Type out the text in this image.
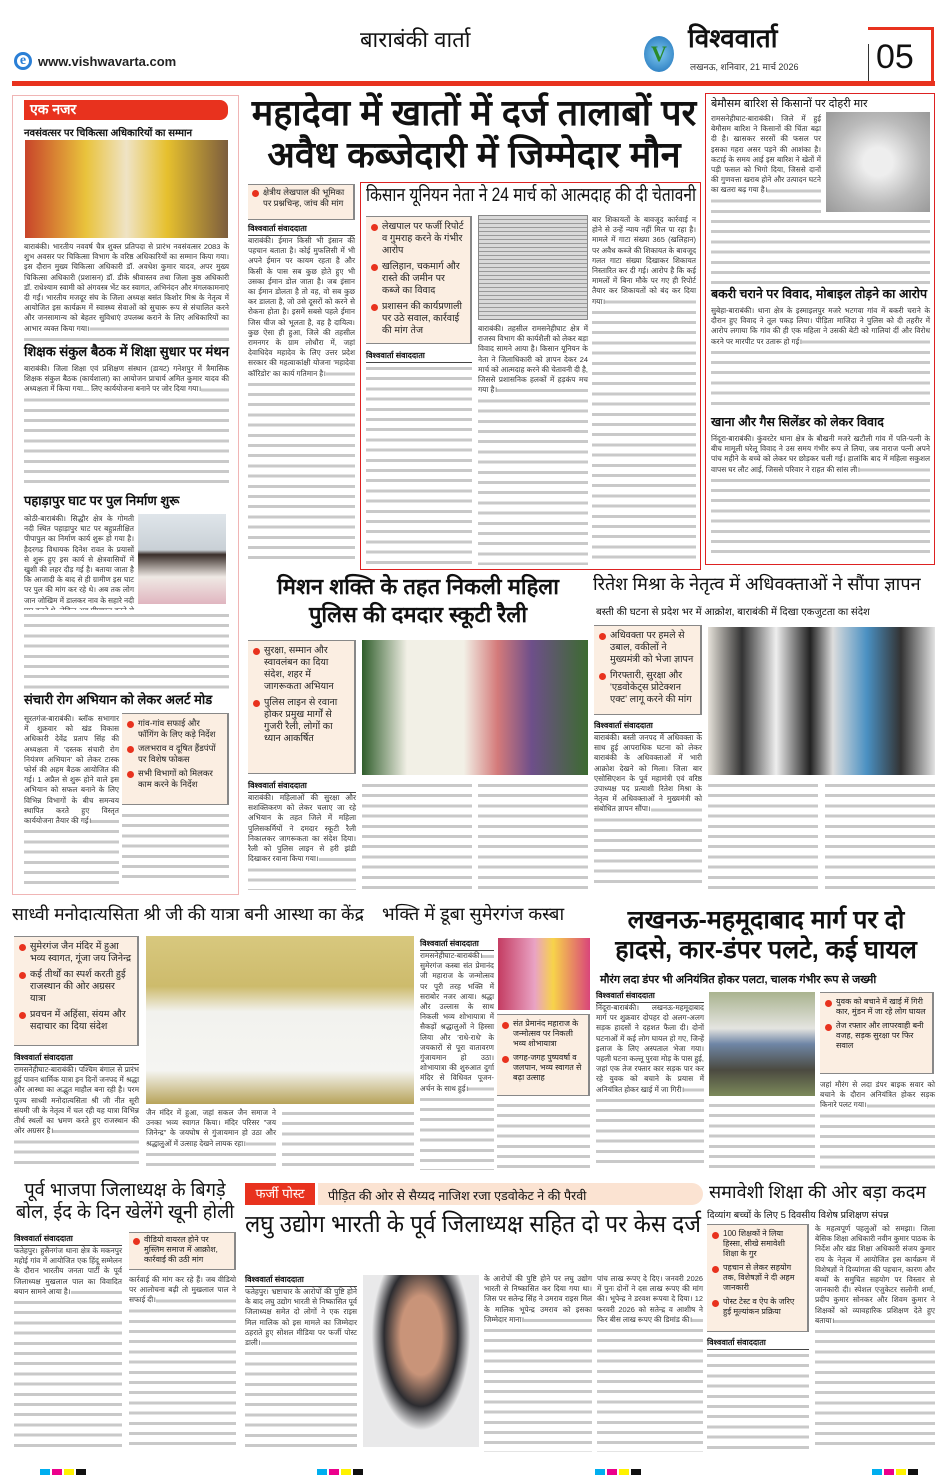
e www.vishwavarta.com
बाराबंकी वार्ता
V
विश्ववार्ता
लखनऊ, शनिवार, 21 मार्च 2026	05
एक नजर
नवसंवत्सर पर चिकित्सा अधिकारियों का सम्मान
बाराबंकी। भारतीय नववर्ष चैत्र शुक्ल प्रतिपदा से प्रारंभ नवसंवत्सर 2083 के शुभ अवसर पर चिकित्सा विभाग के वरिष्ठ अधिकारियों का सम्मान किया गया। इस दौरान मुख्य चिकित्सा अधिकारी डॉ. अवधेश कुमार यादव, अपर मुख्य चिकित्सा अधिकारी (प्रशासन) डॉ. डीके श्रीवास्तव तथा जिला कुष्ठ अधिकारी डॉ. राधेश्याम स्वामी को अंगवस्त्र भेंट कर स्वागत, अभिनंदन और मंगलकामनाएं दी गईं। भारतीय मजदूर संघ के जिला अध्यक्ष बसंत किशोर मिश्र के नेतृत्व में आयोजित इस कार्यक्रम में स्वास्थ्य सेवाओं को सुचारू रूप से संचालित करने और जनसामान्य को बेहतर सुविधाएं उपलब्ध कराने के लिए अधिकारियों का आभार व्यक्त किया गया।
शिक्षक संकुल बैठक में शिक्षा सुधार पर मंथन
बाराबंकी। जिला शिक्षा एवं प्रशिक्षण संस्थान (डायट) गनेशपुर में त्रैमासिक शिक्षक संकुल बैठक (कार्यशाला) का आयोजन प्राचार्य अमित कुमार यादव की अध्यक्षता में किया गया... लिए कार्ययोजना बनाने पर जोर दिया गया।
पहाड़ापुर घाट पर पुल निर्माण शुरू
कोठी-बाराबंकी। सिद्धौर क्षेत्र के गोमती नदी स्थित पहाड़ापुर घाट पर बहुप्रतीक्षित पीपापुल का निर्माण कार्य शुरू हो गया है। हैदरगढ़ विधायक दिनेश रावत के प्रयासों से शुरू हुए इस कार्य से क्षेत्रवासियों में खुशी की लहर दौड़ गई है। बताया जाता है कि आजादी के बाद से ही ग्रामीण इस घाट पर पुल की मांग कर रहे थे। अब तक लोग जान जोखिम में डालकर नाव के सहारे नदी
संचारी रोग अभियान को लेकर अलर्ट मोड
सूरतगंज-बाराबंकी। ब्लॉक सभागार में शुक्रवार को खंड विकास अधिकारी देवेंद्र प्रताप सिंह की अध्यक्षता में 'दस्तक संचारी रोग नियंत्रण अभियान' को लेकर टास्क फोर्स की अहम बैठक आयोजित की गई। 1 अप्रैल से शुरू होने वाले इस अभियान को सफल बनाने के लिए विभिन्न विभागों के बीच समन्वय स्थापित करते हुए विस्तृत कार्ययोजना तैयार की गई।
गांव-गांव सफाई और फॉगिंग के लिए कड़े निर्देश
जलभराव व दूषित हैंडपंपों पर विशेष फोकस
सभी विभागों को मिलकर काम करने के निर्देश
महादेवा में खातों में दर्ज तालाबों पर
अवैध कब्जेदारी में जिम्मेदार मौन
क्षेत्रीय लेखपाल की भूमिका पर प्रश्नचिन्ह, जांच की मांग
विश्ववार्ता संवाददाता
बाराबंकी। ईमान किसी भी इंसान की पहचान बताता है। कोई मुफलिसी में भी अपने ईमान पर कायम रहता है और किसी के पास सब कुछ होते हुए भी उसका ईमान डोल जाता है। जब इंसान का ईमान डोलता है तो वह, वो सब कुछ कर डालता है, जो उसे दूसरों को करने से रोकना होता है। इसमें सबसे पहले ईमान जिस चीज को भूलता है, वह है दायित्व। कुछ ऐसा ही हुआ, जिले की तहसील रामनगर के ग्राम लोधौरा में, जहां देवाधिदेव महादेव के लिए उत्तर प्रदेश सरकार की महत्वाकांक्षी योजना 'महादेवा कॉरिडोर' का कार्य गतिमान है।
किसान यूनियन नेता ने 24 मार्च को आत्मदाह की दी चेतावनी
लेखपाल पर फर्जी रिपोर्ट व गुमराह करने के गंभीर आरोप
खलिहान, चकमार्ग और रास्ते की जमीन पर कब्जे का विवाद
प्रशासन की कार्यप्रणाली पर उठे सवाल, कार्रवाई की मांग तेज
विश्ववार्ता संवाददाता
बाराबंकी। तहसील रामसनेहीघाट क्षेत्र में राजस्व विभाग की कार्यशैली को लेकर बड़ा विवाद सामने आया है। किसान यूनियन के नेता ने जिलाधिकारी को ज्ञापन देकर 24 मार्च को आत्मदाह करने की चेतावनी दी है, जिससे प्रशासनिक हलकों में हड़कंप मच गया है।
बार शिकायतों के बावजूद कार्रवाई न होने से उन्हें न्याय नहीं मिल पा रहा है। मामले में गाटा संख्या 365 (खलिहान) पर अवैध कब्जे की शिकायत के बावजूद गलत गाटा संख्या दिखाकर शिकायत निस्तारित कर दी गई। आरोप है कि कई मामलों में बिना मौके पर गए ही रिपोर्ट तैयार कर शिकायतों को बंद कर दिया गया।
बेमौसम बारिश से किसानों पर दोहरी मार
रामसनेहीघाट-बाराबंकी। जिले में हुई बेमौसम बारिश ने किसानों की चिंता बढ़ा दी है। खासकर सरसों की फसल पर इसका गहरा असर पड़ने की आशंका है। कटाई के समय आई इस बारिश ने खेतों में पड़ी फसल को भिगो दिया, जिससे दानों की गुणवत्ता खराब होने और उत्पादन घटने का खतरा बढ़ गया है।
बकरी चराने पर विवाद, मोबाइल तोड़ने का आरोप
सुबेहा-बाराबंकी। थाना क्षेत्र के इस्माइलपुर मजरे भटगवा गांव में बकरी चराने के दौरान हुए विवाद ने तूल पकड़ लिया। पीड़िता माजिदा ने पुलिस को दी तहरीर में आरोप लगाया कि गांव की ही एक महिला ने उसकी बेटी को गालियां दीं और विरोध करने पर मारपीट पर उतारू हो गई।
खाना और गैस सिलेंडर को लेकर विवाद
निंदूरा-बाराबंकी। कुंवरटेर थाना क्षेत्र के बौखनी मजरे खटौली गांव में पति-पत्नी के बीच मामूली घरेलू विवाद ने उस समय गंभीर रूप ले लिया, जब नाराज पत्नी अपने पांच महीने के बच्चे को लेकर घर छोड़कर चली गई। हालांकि बाद में महिला सकुशल वापस घर लौट आई, जिससे परिवार ने राहत की सांस ली।
मिशन शक्ति के तहत निकली महिला
पुलिस की दमदार स्कूटी रैली
सुरक्षा, सम्मान और स्वावलंबन का दिया संदेश, शहर में जागरूकता अभियान
पुलिस लाइन से रवाना होकर प्रमुख मार्गों से गुजरी रैली, लोगों का ध्यान आकर्षित
विश्ववार्ता संवाददाता
बाराबंकी। महिलाओं की सुरक्षा और सशक्तिकरण को लेकर चलाए जा रहे अभियान के तहत जिले में महिला पुलिसकर्मियों ने दमदार स्कूटी रैली निकालकर जागरूकता का संदेश दिया। रैली को पुलिस लाइन से हरी झंडी दिखाकर रवाना किया गया।
रितेश मिश्रा के नेतृत्व में अधिवक्ताओं ने सौंपा ज्ञापन
बस्ती की घटना से प्रदेश भर में आक्रोश, बाराबंकी में दिखा एकजुटता का संदेश
अधिवक्ता पर हमले से उबाल, वकीलों ने मुख्यमंत्री को भेजा ज्ञापन
गिरफ्तारी, सुरक्षा और 'एडवोकेट्स प्रोटेक्शन एक्ट' लागू करने की मांग
विश्ववार्ता संवाददाता
बाराबंकी। बस्ती जनपद में अधिवक्ता के साथ हुई आपराधिक घटना को लेकर बाराबंकी के अधिवक्ताओं में भारी आक्रोश देखने को मिला। जिला बार एसोसिएशन के पूर्व महामंत्री एवं वरिष्ठ उपाध्यक्ष पद प्रत्याशी रितेश मिश्रा के नेतृत्व में अधिवक्ताओं ने मुख्यमंत्री को संबोधित ज्ञापन सौंपा।
साध्वी मनोदात्यसिता श्री जी की यात्रा बनी आस्था का केंद्र
सुमेरगंज जैन मंदिर में हुआ भव्य स्वागत, गूंजा जय जिनेन्द्र
कई तीर्थों का स्पर्श करती हुई राजस्थान की ओर अग्रसर यात्रा
प्रवचन में अहिंसा, संयम और सदाचार का दिया संदेश
विश्ववार्ता संवाददाता
रामसनेहीघाट-बाराबंकी। पश्चिम बंगाल से प्रारंभ हुई पावन धार्मिक यात्रा इन दिनों जनपद में श्रद्धा और आस्था का अद्भुत माहौल बना रही है। परम पूज्य साध्वी मनोदात्यसिता श्री जी नीत सूरी संयमी जी के नेतृत्व में चल रही यह यात्रा विभिन्न तीर्थ स्थलों का भ्रमण करते हुए राजस्थान की ओर अग्रसर है।
जैन मंदिर में हुआ, जहां सकल जैन समाज ने उनका भव्य स्वागत किया। मंदिर परिसर "जय जिनेन्द्र" के जयघोष से गुंजायमान हो उठा और श्रद्धालुओं में उत्साह देखने लायक रहा।
भक्ति में डूबा सुमेरगंज कस्बा
विश्ववार्ता संवाददाता
रामसनेहीघाट-बाराबंकी। सुमेरगंज कस्बा संत प्रेमानंद जी महाराज के जन्मोत्सव पर पूरी तरह भक्ति में सराबोर नजर आया। श्रद्धा और उल्लास के साथ निकली भव्य शोभायात्रा में सैकड़ों श्रद्धालुओं ने हिस्सा लिया और 'राधे-राधे' के जयकारों से पूरा वातावरण गुंजायमान हो उठा। शोभायात्रा की शुरुआत दुर्गा मंदिर से विधिवत पूजन-अर्चन के साथ हुई।
संत प्रेमानंद महाराज के जन्मोत्सव पर निकली भव्य शोभायात्रा
जगह-जगह पुष्पवर्षा व जलपान, भव्य स्वागत से बढ़ा उत्साह
लखनऊ-महमूदाबाद मार्ग पर दो
हादसे, कार-डंपर पलटे, कई घायल
मौरंग लदा डंपर भी अनियंत्रित होकर पलटा, चालक गंभीर रूप से जख्मी
विश्ववार्ता संवाददाता
निंदूरा-बाराबंकी। लखनऊ-महमूदाबाद मार्ग पर शुक्रवार दोपहर दो अलग-अलग सड़क हादसों ने दहशत फैला दी। दोनों घटनाओं में कई लोग घायल हो गए, जिन्हें इलाज के लिए अस्पताल भेजा गया। पहली घटना कल्लू पुरवा मोड़ के पास हुई, जहां एक तेज रफ्तार कार सड़क पार कर रहे युवक को बचाने के प्रयास में अनियंत्रित होकर खाई में जा गिरी।
युवक को बचाने में खाई में गिरी कार, मुंडन में जा रहे लोग घायल
तेज रफ्तार और लापरवाही बनी वजह, सड़क सुरक्षा पर फिर सवाल
जहां मौरंग से लदा डंपर बाइक सवार को बचाने के दौरान अनियंत्रित होकर सड़क किनारे पलट गया।
पूर्व भाजपा जिलाध्यक्ष के बिगड़े बोल, ईद के दिन खेलेंगे खूनी होली
विश्ववार्ता संवाददाता
फतेहपुर। हुसैनगंज थाना क्षेत्र के मकनपुर महोई गांव में आयोजित एक हिंदू सम्मेलन के दौरान भारतीय जनता पार्टी के पूर्व जिलाध्यक्ष मुखलाल पाल का विवादित बयान सामने आया है।
वीडियो वायरल होने पर मुस्लिम समाज में आक्रोश, कार्रवाई की उठी मांग
कार्रवाई की मांग कर रहे हैं। जब वीडियो पर आलोचना बढ़ी तो मुखलाल पाल ने सफाई दी।
फर्जी पोस्ट	पीड़ित की ओर से सैय्यद नाजिश रजा एडवोकेट ने की पैरवी
लघु उद्योग भारती के पूर्व जिलाध्यक्ष सहित दो पर केस दर्ज
विश्ववार्ता संवाददाता
फतेहपुर। भ्रष्टाचार के आरोपों की पुष्टि होने के बाद लघु उद्योग भारती से निष्कासित पूर्व जिलाध्यक्ष समेत दो लोगों ने एक राइस मिल मालिक को इस मामले का जिम्मेदार ठहराते हुए सोशल मीडिया पर फर्जी पोस्ट डाली।
के आरोपों की पुष्टि होने पर लघु उद्योग भारती से निष्कासित कर दिया गया था। जिस पर सतेन्द्र सिंह ने उमराव राइस मिल के मालिक भूपेन्द्र उमराव को इसका जिम्मेदार माना।
पांच लाख रूपए दे दिए। जनवरी 2026 में पुनः दोनों ने दस लाख रूपए की मांग की। भूपेन्द्र ने डरवश रूपया दे दिया। 12 फरवरी 2026 को सतेन्द्र व आशीष ने फिर बीस लाख रूपए की डिमांड की।
समावेशी शिक्षा की ओर बड़ा कदम
दिव्यांग बच्चों के लिए 5 दिवसीय विशेष प्रशिक्षण संपन्न
100 शिक्षकों ने लिया हिस्सा, सीखे समावेशी शिक्षा के गुर
पहचान से लेकर सहयोग तक, विशेषज्ञों ने दी अहम जानकारी
पोस्ट टेस्ट व ऐप के जरिए हुई मूल्यांकन प्रक्रिया
विश्ववार्ता संवाददाता
के महत्वपूर्ण पहलुओं को समझा। जिला बेसिक शिक्षा अधिकारी नवीन कुमार पाठक के निर्देश और खंड शिक्षा अधिकारी संजय कुमार राय के नेतृत्व में आयोजित इस कार्यक्रम में विशेषज्ञों ने दिव्यांगता की पहचान, कारण और बच्चों के समुचित सहयोग पर विस्तार से जानकारी दी। स्पेशल एजुकेटर सलोनी शर्मा, प्रदीप कुमार सोनकर और शिवम कुमार ने शिक्षकों को व्यावहारिक प्रशिक्षण देते हुए बताया।
